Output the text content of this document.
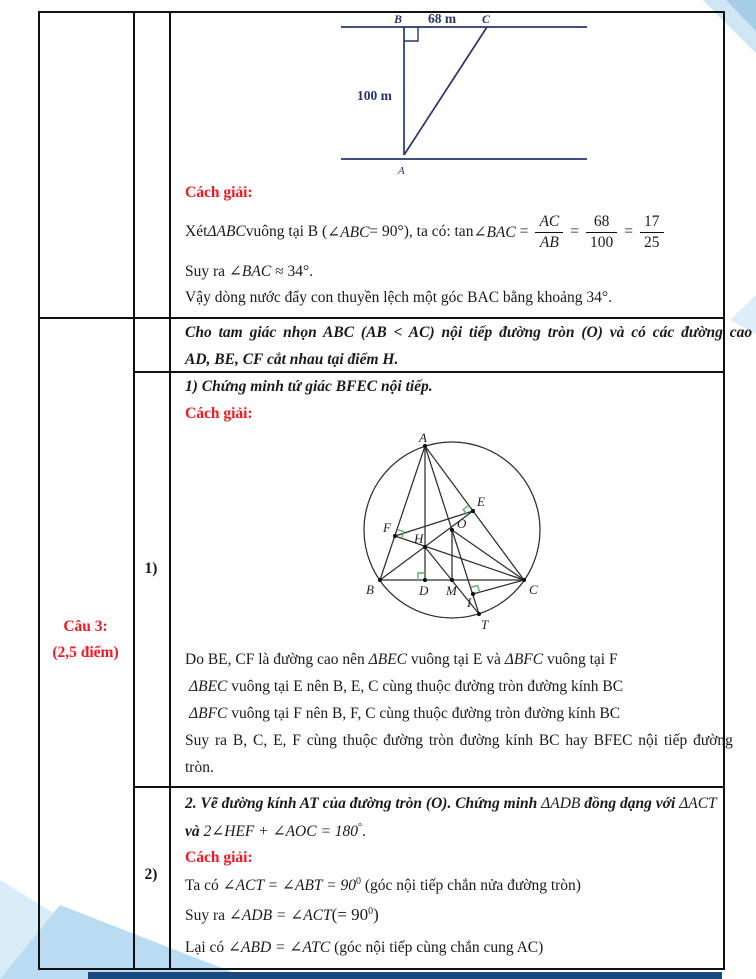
Câu 3:
(2,5 điểm)
1)
2)
B 68 m C
100 m
A
Cách giải:
Xét ΔABC vuông tại B ( ∠ABC = 90°), ta có: tan ∠BAC = $\frac{AC}{AB} = \frac{68}{100} = \frac{17}{25}$
Suy ra ∠BAC ≈ 34°.
Vậy dòng nước đẩy con thuyền lệch một góc BAC bằng khoảng 34°.
Cho tam giác nhọn ABC (AB < AC) nội tiếp đường tròn (O) và có các đường cao
AD, BE, CF cắt nhau tại điểm H.
1) Chứng minh tứ giác BFEC nội tiếp.
Cách giải:
A
B	C
D M
E
F
H
O
I
T
Do BE, CF là đường cao nên ΔBEC vuông tại E và ΔBFC vuông tại F
ΔBEC vuông tại E nên B, E, C cùng thuộc đường tròn đường kính BC
ΔBFC vuông tại F nên B, F, C cùng thuộc đường tròn đường kính BC
Suy ra B, C, E, F cùng thuộc đường tròn đường kính BC hay BFEC nội tiếp đường
tròn.
2. Vẽ đường kính AT của đường tròn (O). Chứng minh ΔADB đồng dạng với ΔACT
và 2∠HEF + ∠AOC = 180°.
Cách giải:
Ta có ∠ACT = ∠ABT = $90^0$ (góc nội tiếp chắn nửa đường tròn)
Suy ra ∠ADB = ∠ACT(= $90^0$)
Lại có ∠ABD = ∠ATC (góc nội tiếp cùng chắn cung AC)
